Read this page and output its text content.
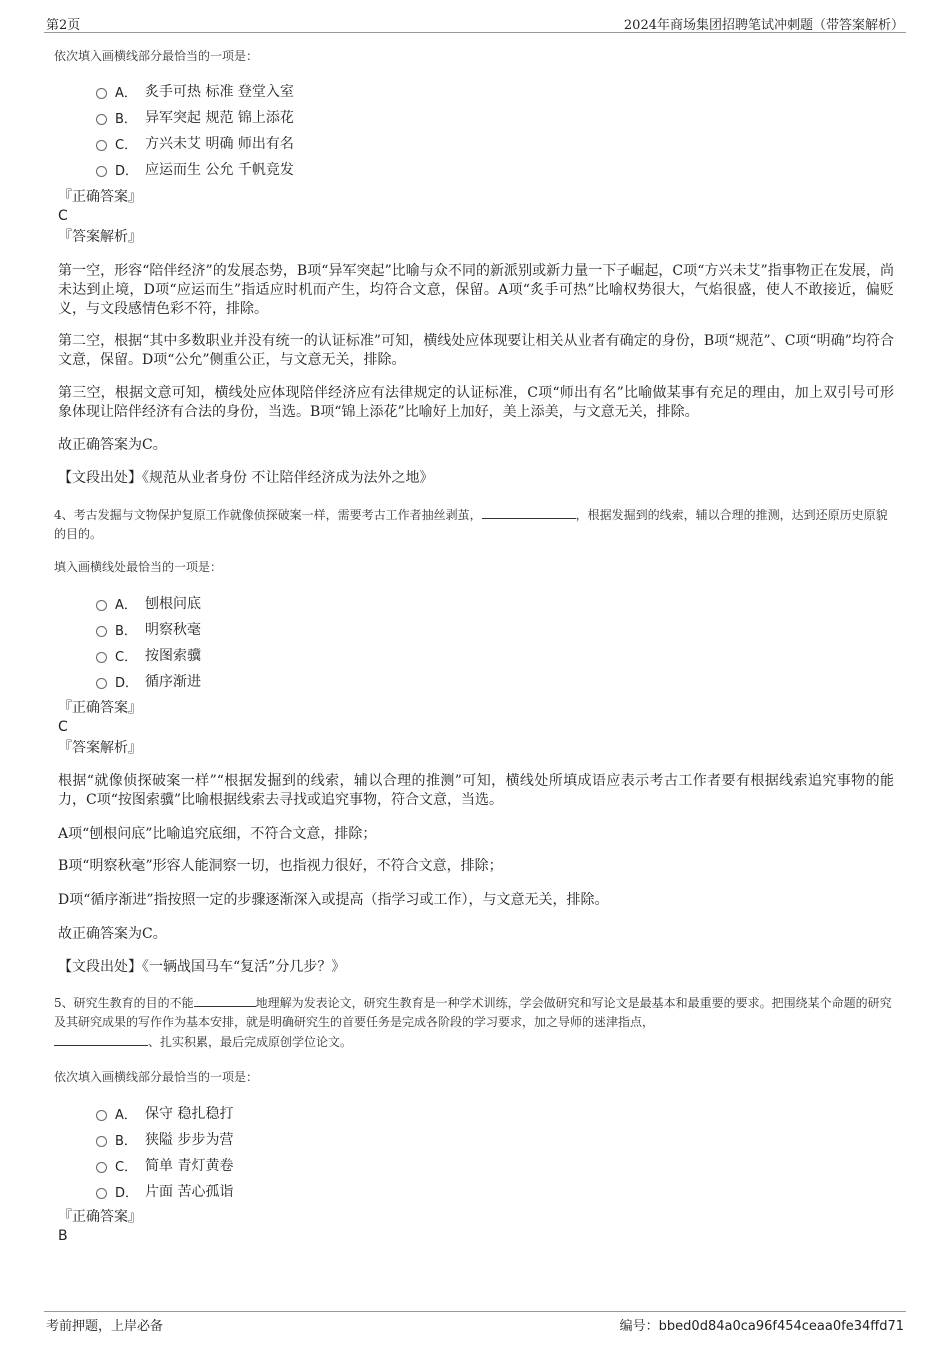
第2页	2024年商场集团招聘笔试冲刺题（带答案解析）
依次填入画横线部分最恰当的一项是：
A． 炙手可热 标准 登堂入室
B． 异军突起 规范 锦上添花
C． 方兴未艾 明确 师出有名
D． 应运而生 公允 千帆竞发
『正确答案』
C
『答案解析』
第一空，形容“陪伴经济”的发展态势，B项“异军突起”比喻与众不同的新派别或新力量一下子崛起，C项“方兴未艾”指事物正在发展，尚未达到止境，D项“应运而生”指适应时机而产生，均符合文意，保留。A项“炙手可热”比喻权势很大，气焰很盛，使人不敢接近，偏贬义，与文段感情色彩不符，排除。
第二空，根据“其中多数职业并没有统一的认证标准”可知，横线处应体现要让相关从业者有确定的身份，B项“规范”、C项“明确”均符合文意，保留。D项“公允”侧重公正，与文意无关，排除。
第三空，根据文意可知，横线处应体现陪伴经济应有法律规定的认证标准，C项“师出有名”比喻做某事有充足的理由，加上双引号可形象体现让陪伴经济有合法的身份，当选。B项“锦上添花”比喻好上加好，美上添美，与文意无关，排除。
故正确答案为C。
【文段出处】《规范从业者身份 不让陪伴经济成为法外之地》
4、考古发掘与文物保护复原工作就像侦探破案一样，需要考古工作者抽丝剥茧，	，根据发掘到的线索，辅以合理的推测，达到还原历史原貌的目的。
填入画横线处最恰当的一项是：
A． 刨根问底
B． 明察秋毫
C． 按图索骥
D． 循序渐进
『正确答案』
C
『答案解析』
根据“就像侦探破案一样”“根据发掘到的线索，辅以合理的推测”可知，横线处所填成语应表示考古工作者要有根据线索追究事物的能力，C项“按图索骥”比喻根据线索去寻找或追究事物，符合文意，当选。
A项“刨根问底”比喻追究底细，不符合文意，排除；
B项“明察秋毫”形容人能洞察一切，也指视力很好，不符合文意，排除；
D项“循序渐进”指按照一定的步骤逐渐深入或提高（指学习或工作），与文意无关，排除。
故正确答案为C。
【文段出处】《一辆战国马车“复活”分几步？》
5、研究生教育的目的不能	地理解为发表论文，研究生教育是一种学术训练，学会做研究和写论文是最基本和最重要的要求。把围绕某个命题的研究及其研究成果的写作作为基本安排，就是明确研究生的首要任务是完成各阶段的学习要求，加之导师的迷津指点，
、扎实积累，最后完成原创学位论文。
依次填入画横线部分最恰当的一项是：
A． 保守 稳扎稳打
B． 狭隘 步步为营
C． 简单 青灯黄卷
D． 片面 苦心孤诣
『正确答案』
B
考前押题，上岸必备	编号：bbed0d84a0ca96f454ceaa0fe34ffd71
